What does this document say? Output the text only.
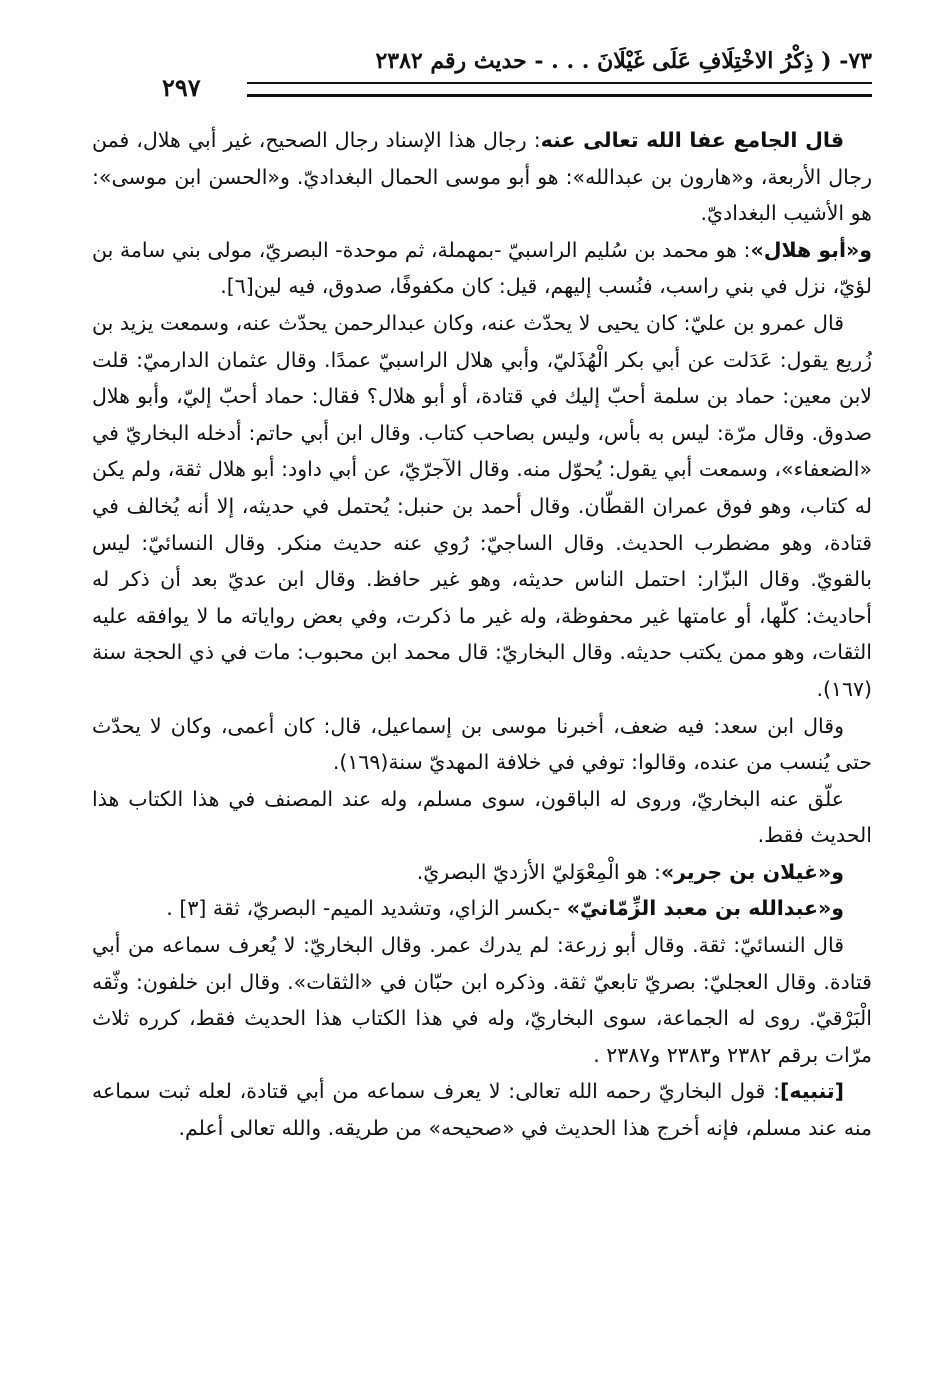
٧٣- ( ذِكْرُ الاخْتِلَافِ عَلَى غَيْلَانَ . . . - حديث رقم ٢٣٨٢
٢٩٧

قال الجامع عفا الله تعالى عنه: رجال هذا الإسناد رجال الصحيح، غير أبي هلال، فمن رجال الأربعة، و«هارون بن عبدالله»: هو أبو موسى الحمال البغداديّ. و«الحسن ابن موسى»: هو الأشيب البغداديّ.

و«أبو هلال»: هو محمد بن سُليم الراسبيّ -بمهملة، ثم موحدة- البصريّ، مولى بني سامة بن لؤيّ، نزل في بني راسب، فنُسب إليهم، قيل: كان مكفوفًا، صدوق، فيه لين[٦].

قال عمرو بن عليّ: كان يحيى لا يحدّث عنه، وكان عبدالرحمن يحدّث عنه، وسمعت يزيد بن زُريع يقول: عَدَلت عن أبي بكر الْهُذَليّ، وأبي هلال الراسبيّ عمدًا. وقال عثمان الدارميّ: قلت لابن معين: حماد بن سلمة أحبّ إليك في قتادة، أو أبو هلال؟ فقال: حماد أحبّ إليّ، وأبو هلال صدوق. وقال مرّة: ليس به بأس، وليس بصاحب كتاب. وقال ابن أبي حاتم: أدخله البخاريّ في «الضعفاء»، وسمعت أبي يقول: يُحوّل منه. وقال الآجرّيّ، عن أبي داود: أبو هلال ثقة، ولم يكن له كتاب، وهو فوق عمران القطّان. وقال أحمد بن حنبل: يُحتمل في حديثه، إلا أنه يُخالف في قتادة، وهو مضطرب الحديث. وقال الساجيّ: رُوي عنه حديث منكر. وقال النسائيّ: ليس بالقويّ. وقال البزّار: احتمل الناس حديثه، وهو غير حافظ. وقال ابن عديّ بعد أن ذكر له أحاديث: كلّها، أو عامتها غير محفوظة، وله غير ما ذكرت، وفي بعض رواياته ما لا يوافقه عليه الثقات، وهو ممن يكتب حديثه. وقال البخاريّ: قال محمد ابن محبوب: مات في ذي الحجة سنة (١٦٧).

وقال ابن سعد: فيه ضعف، أخبرنا موسى بن إسماعيل، قال: كان أعمى، وكان لا يحدّث حتى يُنسب من عنده، وقالوا: توفي في خلافة المهديّ سنة(١٦٩).

علّق عنه البخاريّ، وروى له الباقون، سوى مسلم، وله عند المصنف في هذا الكتاب هذا الحديث فقط.

و«غيلان بن جرير»: هو الْمِعْوَليّ الأزديّ البصريّ.

و«عبدالله بن معبد الزِّمّانيّ» -بكسر الزاي، وتشديد الميم- البصريّ، ثقة [٣] .

قال النسائيّ: ثقة. وقال أبو زرعة: لم يدرك عمر. وقال البخاريّ: لا يُعرف سماعه من أبي قتادة. وقال العجليّ: بصريّ تابعيّ ثقة. وذكره ابن حبّان في «الثقات». وقال ابن خلفون: وثّقه الْبَرْقيّ. روى له الجماعة، سوى البخاريّ، وله في هذا الكتاب هذا الحديث فقط، كرره ثلاث مرّات برقم ٢٣٨٢ و٢٣٨٣ و٢٣٨٧ .

[تنبيه]: قول البخاريّ رحمه الله تعالى: لا يعرف سماعه من أبي قتادة، لعله ثبت سماعه منه عند مسلم، فإنه أخرج هذا الحديث في «صحيحه» من طريقه. والله تعالى أعلم.
